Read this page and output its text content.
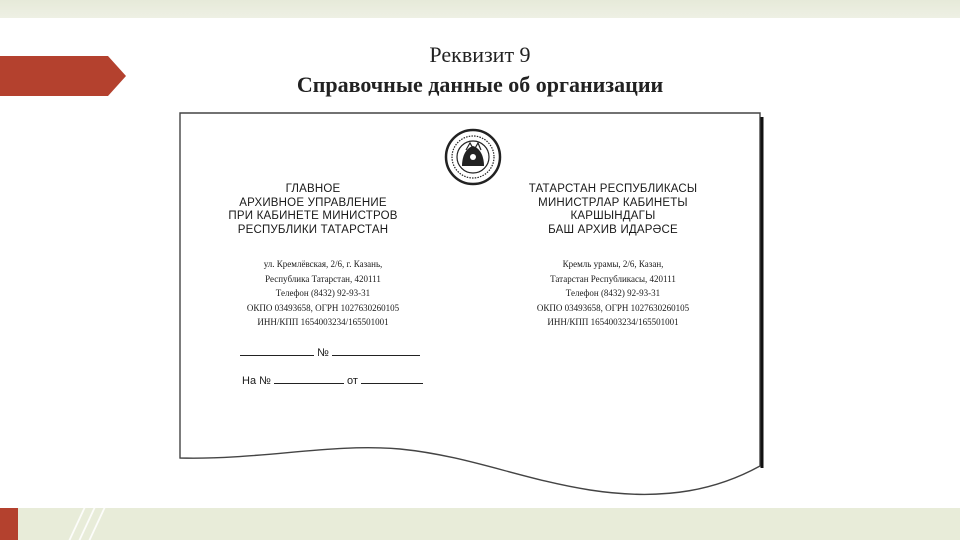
Реквизит 9
Справочные данные об организации
ГЛАВНОЕ
АРХИВНОЕ УПРАВЛЕНИЕ
ПРИ КАБИНЕТЕ МИНИСТРОВ
РЕСПУБЛИКИ ТАТАРСТАН
ул. Кремлёвская, 2/6, г. Казань,
Республика Татарстан, 420111
Телефон (8432) 92-93-31
ОКПО 03493658, ОГРН 1027630260105
ИНН/КПП 1654003234/165501001
ТАТАРСТАН РЕСПУБЛИКАСЫ
МИНИСТРЛАР КАБИНЕТЫ
КАРШЫНДАГЫ
БАШ АРХИВ ИДАРӘСЕ
Кремль урамы, 2/6, Казан,
Татарстан Республикасы, 420111
Телефон (8432) 92-93-31
ОКПО 03493658, ОГРН 1027630260105
ИНН/КПП 1654003234/165501001
№
На №	от
